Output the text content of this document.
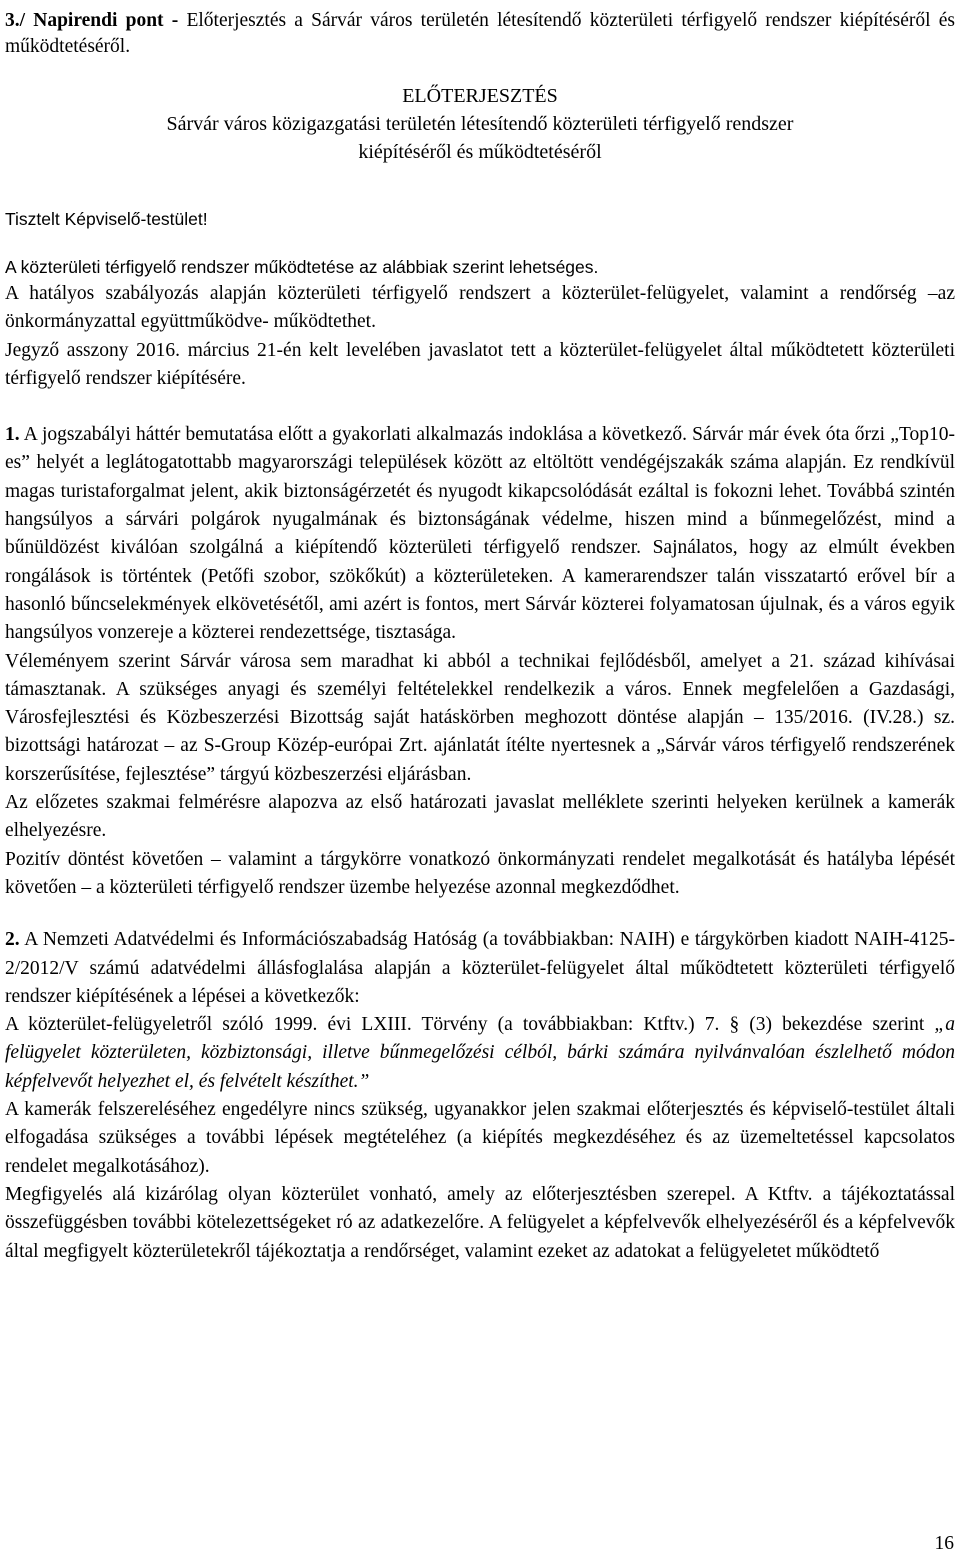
3./ Napirendi pont - Előterjesztés a Sárvár város területén létesítendő közterületi térfigyelő rendszer kiépítéséről és működtetéséről.
ELŐTERJESZTÉS
Sárvár város közigazgatási területén létesítendő közterületi térfigyelő rendszer
kiépítéséről és működtetéséről
Tisztelt Képviselő-testület!
A közterületi térfigyelő rendszer működtetése az alábbiak szerint lehetséges.

A hatályos szabályozás alapján közterületi térfigyelő rendszert a közterület-felügyelet, valamint a rendőrség –az önkormányzattal együttműködve- működtethet.

Jegyző asszony 2016. március 21-én kelt levelében javaslatot tett a közterület-felügyelet által működtetett közterületi térfigyelő rendszer kiépítésére.

1. A jogszabályi háttér bemutatása előtt a gyakorlati alkalmazás indoklása a következő. Sárvár már évek óta őrzi „Top10-es” helyét a leglátogatottabb magyarországi települések között az eltöltött vendégéjszakák száma alapján. Ez rendkívül magas turistaforgalmat jelent, akik biztonságérzetét és nyugodt kikapcsolódását ezáltal is fokozni lehet. Továbbá szintén hangsúlyos a sárvári polgárok nyugalmának és biztonságának védelme, hiszen mind a bűnmegelőzést, mind a bűnüldözést kiválóan szolgálná a kiépítendő közterületi térfigyelő rendszer. Sajnálatos, hogy az elmúlt években rongálások is történtek (Petőfi szobor, szökőkút) a közterületeken. A kamerarendszer talán visszatartó erővel bír a hasonló bűncselekmények elkövetésétől, ami azért is fontos, mert Sárvár közterei folyamatosan újulnak, és a város egyik hangsúlyos vonzereje a közterei rendezettsége, tisztasága.

Véleményem szerint Sárvár városa sem maradhat ki abból a technikai fejlődésből, amelyet a 21. század kihívásai támasztanak. A szükséges anyagi és személyi feltételekkel rendelkezik a város. Ennek megfelelően a Gazdasági, Városfejlesztési és Közbeszerzési Bizottság saját hatáskörben meghozott döntése alapján – 135/2016. (IV.28.) sz. bizottsági határozat – az S-Group Közép-európai Zrt. ajánlatát ítélte nyertesnek a „Sárvár város térfigyelő rendszerének korszerűsítése, fejlesztése” tárgyú közbeszerzési eljárásban.

Az előzetes szakmai felmérésre alapozva az első határozati javaslat melléklete szerinti helyeken kerülnek a kamerák elhelyezésre.

Pozitív döntést követően – valamint a tárgykörre vonatkozó önkormányzati rendelet megalkotását és hatályba lépését követően – a közterületi térfigyelő rendszer üzembe helyezése azonnal megkezdődhet.

2. A Nemzeti Adatvédelmi és Információszabadság Hatóság (a továbbiakban: NAIH) e tárgykörben kiadott NAIH-4125-2/2012/V számú adatvédelmi állásfoglalása alapján a közterület-felügyelet által működtetett közterületi térfigyelő rendszer kiépítésének a lépései a következők:

A közterület-felügyeletről szóló 1999. évi LXIII. Törvény (a továbbiakban: Ktftv.) 7. § (3) bekezdése szerint „a felügyelet közterületen, közbiztonsági, illetve bűnmegelőzési célból, bárki számára nyilvánvalóan észlelhető módon képfelvevőt helyezhet el, és felvételt készíthet.”

A kamerák felszereléséhez engedélyre nincs szükség, ugyanakkor jelen szakmai előterjesztés és képviselő-testület általi elfogadása szükséges a további lépések megtételéhez (a kiépítés megkezdéséhez és az üzemeltetéssel kapcsolatos rendelet megalkotásához).

Megfigyelés alá kizárólag olyan közterület vonható, amely az előterjesztésben szerepel. A Ktftv. a tájékoztatással összefüggésben további kötelezettségeket ró az adatkezelőre. A felügyelet a képfelvevők elhelyezéséről és a képfelvevők által megfigyelt közterületekről tájékoztatja a rendőrséget, valamint ezeket az adatokat a felügyeletet működtető

16
